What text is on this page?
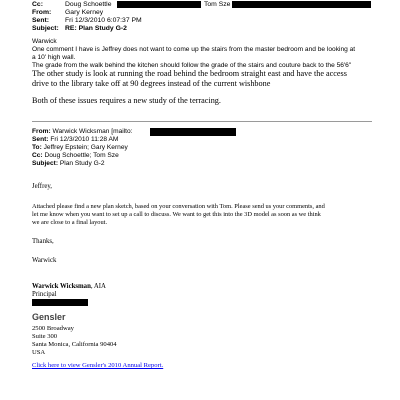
Cc:	Doug Schoettle	Tom Sze
From: Gary Kerney
Sent: Fri 12/3/2010 6:07:37 PM
Subject: RE: Plan Study G-2
Warwick
One comment I have is Jeffrey does not want to come up the stairs from the master bedroom and be looking at
a 10' high wall.
The grade from the walk behind the kitchen should follow the grade of the stairs and couture back to the 56'6"
The other study is look at running the road behind the bedroom straight east and have the access
drive to the library take off at 90 degrees instead of the current wishbone
Both of these issues requires a new study of the terracing.
From: Warwick Wicksman [mailto:
Sent: Fri 12/3/2010 11:28 AM
To: Jeffrey Epstein; Gary Kerney
Cc: Doug Schoettle; Tom Sze
Subject: Plan Study G-2
Jeffrey,
Attached please find a new plan sketch, based on your conversation with Tom. Please send us your comments, and
let me know when you want to set up a call to discuss. We want to get this into the 3D model as soon as we think
we are close to a final layout.
Thanks,
Warwick
Warwick Wicksman, AIA
Principal
Gensler
2500 Broadway
Suite 300
Santa Monica, California 90404
USA
Click here to view Gensler's 2010 Annual Report.
